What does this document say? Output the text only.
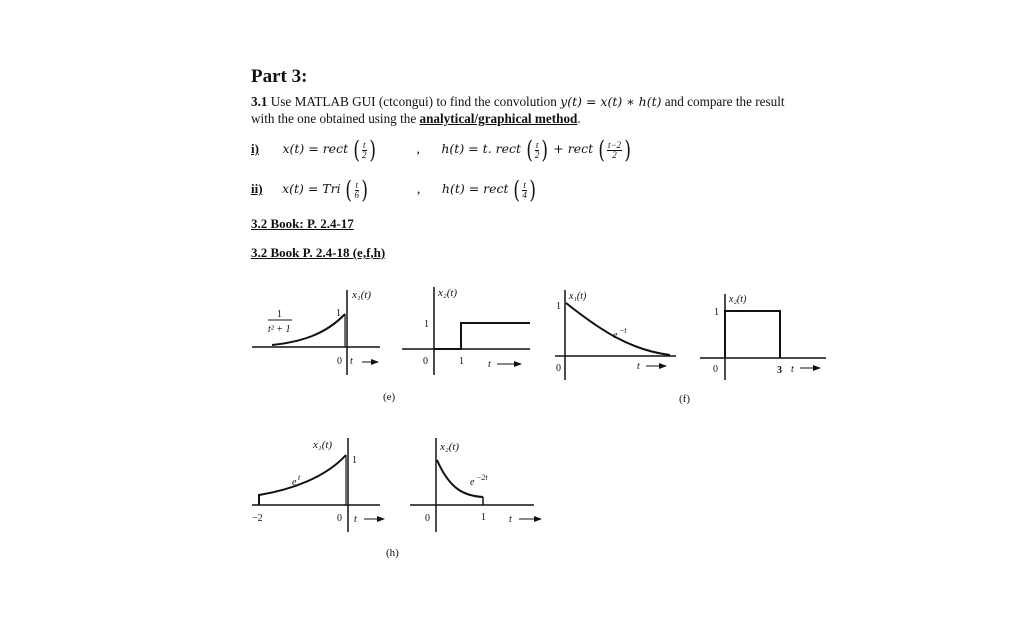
Part 3:
3.1 Use MATLAB GUI (ctcongui) to find the convolution y(t) = x(t) ∗ h(t) and compare the result
with the one obtained using the analytical/graphical method.
i) x(t) = rect ( $\frac{t}{2}$ )	, h(t) = t. rect ( $\frac{t}{2}$ ) + rect ( $\frac{t-2}{2}$ )
ii) x(t) = Tri ( $\frac{t}{6}$ )	, h(t) = rect ( $\frac{t}{4}$ )
3.2 Book: P. 2.4-17
3.2 Book P. 2.4-18 (e,f,h)
x₁(t)
1
t² + 1
1
0 t
x₂(t)
1
0	1 t
(e)
x₁(t)
1
e −t
0	t
x₂(t)
1
0	3 t
(f)
x₁(t)
1
e t
−2	0 t
x₂(t)
e −2t
0	1 t
(h)
